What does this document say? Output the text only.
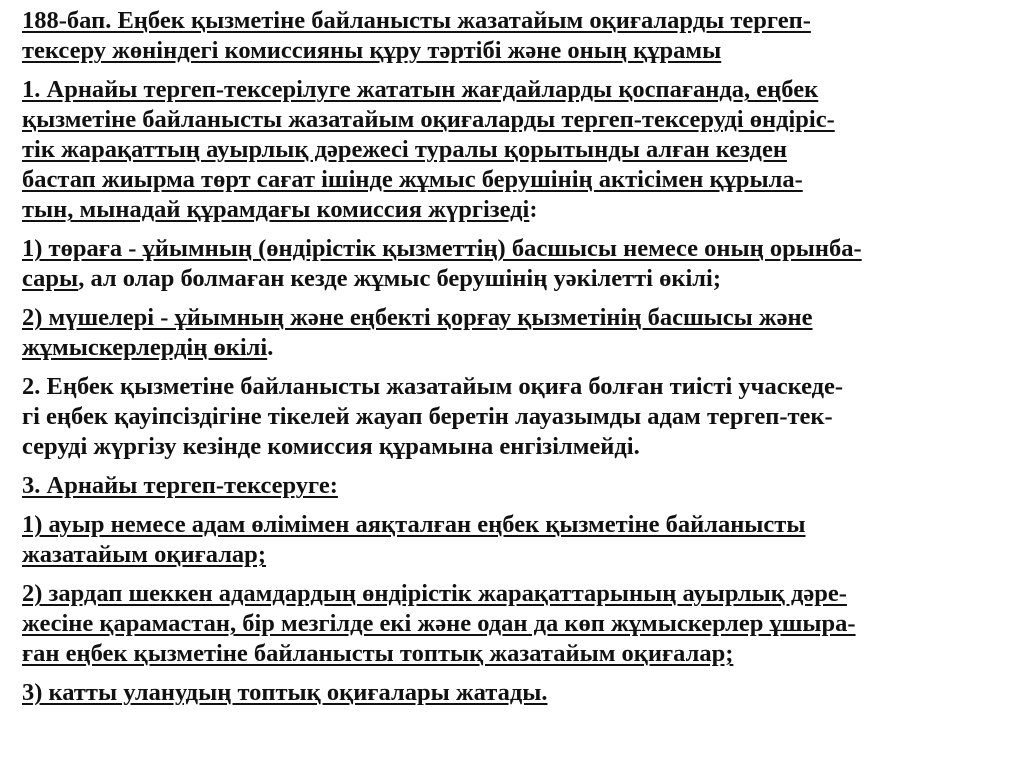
188-бап. Еңбек қызметіне байланысты жазатайым оқиғаларды тергеп-
тексеру жөніндегі комиссияны құру тәртібі және оның құрамы
1. Арнайы тергеп-тексерілуге жататын жағдайларды қоспағанда, еңбек
қызметіне байланысты жазатайым оқиғаларды тергеп-тексеруді өндіріс-
тік жарақаттың ауырлық дәрежесі туралы қорытынды алған кезден
бастап жиырма төрт сағат ішінде жұмыс берушінің актісімен құрыла-
тын, мынадай құрамдағы комиссия жүргізеді:
1) төраға - ұйымның (өндірістік қызметтің) басшысы немесе оның орынба-
сары, ал олар болмаған кезде жұмыс берушінің уәкілетті өкілі;
2) мүшелері - ұйымның және еңбекті қорғау қызметінің басшысы және
жұмыскерлердің өкілі.
2. Еңбек қызметіне байланысты жазатайым оқиға болған тиісті учаскеде-
гі еңбек қауіпсіздігіне тікелей жауап беретін лауазымды адам тергеп-тек-
серуді жүргізу кезінде комиссия құрамына енгізілмейді.
3. Арнайы тергеп-тексеруге:
1) ауыр немесе адам өлімімен аяқталған еңбек қызметіне байланысты
жазатайым оқиғалар;
2) зардап шеккен адамдардың өндірістік жарақаттарының ауырлық дәре-
жесіне қарамастан, бір мезгілде екі және одан да көп жұмыскерлер ұшыра-
ған еңбек қызметіне байланысты топтық жазатайым оқиғалар;
3) катты уланудың топтық оқиғалары жатады.
